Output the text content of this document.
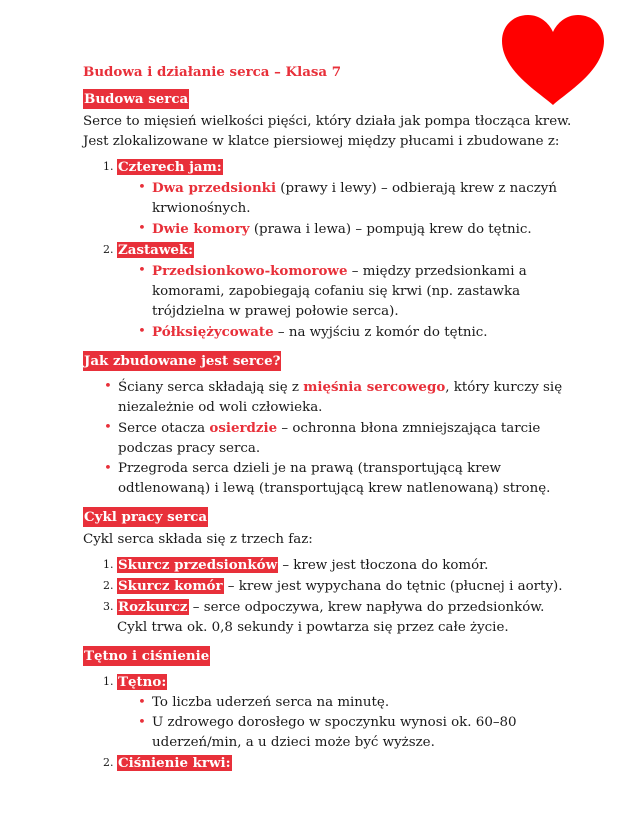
Budowa i działanie serca – Klasa 7
Budowa serca

Serce to mięsień wielkości pięści, który działa jak pompa tłocząca krew. Jest zlokalizowane w klatce piersiowej między płucami i zbudowane z:

1. Czterech jam:
• Dwa przedsionki (prawy i lewy) – odbierają krew z naczyń krwionośnych.
• Dwie komory (prawa i lewa) – pompują krew do tętnic.
2. Zastawek:
• Przedsionkowo-komorowe – między przedsionkami a komorami, zapobiegają cofaniu się krwi (np. zastawka trójdzielna w prawej połowie serca).
• Półksiężycowate – na wyjściu z komór do tętnic.
Jak zbudowane jest serce?
• Ściany serca składają się z mięśnia sercowego, który kurczy się niezależnie od woli człowieka.
• Serce otacza osierdzie – ochronna błona zmniejszająca tarcie podczas pracy serca.
• Przegroda serca dzieli je na prawą (transportującą krew odtlenowaną) i lewą (transportującą krew natlenowaną) stronę.
Cykl pracy serca

Cykl serca składa się z trzech faz:

1. Skurcz przedsionków – krew jest tłoczona do komór.
2. Skurcz komór – krew jest wypychana do tętnic (płucnej i aorty).
3. Rozkurcz – serce odpoczywa, krew napływa do przedsionków.
Cykl trwa ok. 0,8 sekundy i powtarza się przez całe życie.
Tętno i ciśnienie
1. Tętno:
• To liczba uderzeń serca na minutę.
• U zdrowego dorosłego w spoczynku wynosi ok. 60–80 uderzeń/min, a u dzieci może być wyższe.
2. Ciśnienie krwi:
